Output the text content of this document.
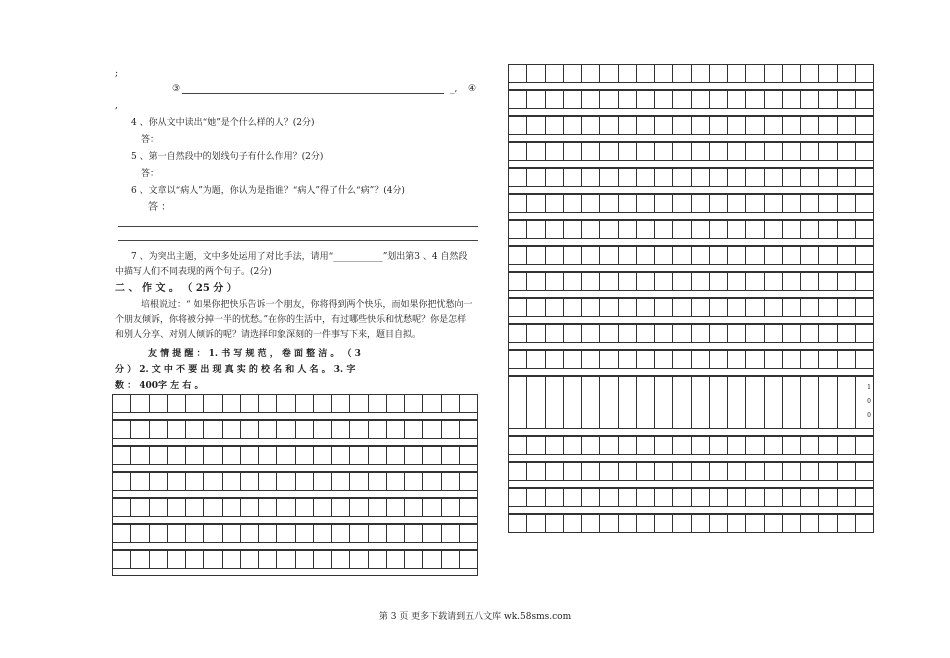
;
③	_, ④
,
4 、你从文中读出“她”是个什么样的人？(2分)
答：
5 、第一自然段中的划线句子有什么作用？(2分)
答：
6 、文章以“病人”为题，你认为是指谁？“病人”得了什么“病”？(4分)
答 ：
7 、为突出主题，文中多处运用了对比手法，请用“___________”划出第3 、4 自然段
中描写人们不同表现的两个句子。(2分)
二 、 作 文 。 （ 25 分 ）
培根说过：“ 如果你把快乐告诉一个朋友，你将得到两个快乐，而如果你把忧愁向一
个朋友倾诉，你将被分掉一半的忧愁。”在你的生活中，有过哪些快乐和忧愁呢？你是怎样
和别人分享、对别人倾诉的呢？请选择印象深刻的一件事写下来，题目自拟。
友 情 提 醒 ： 1. 书 写 规 范 ， 卷 面 整 洁 。 （ 3
分 ） 2. 文 中 不 要 出 现 真 实 的 校 名 和 人 名 。 3. 字
数 ： 400字 左 右 。	1
0
0
第 3 页 更多下载请到五八文库 wk.58sms.com
